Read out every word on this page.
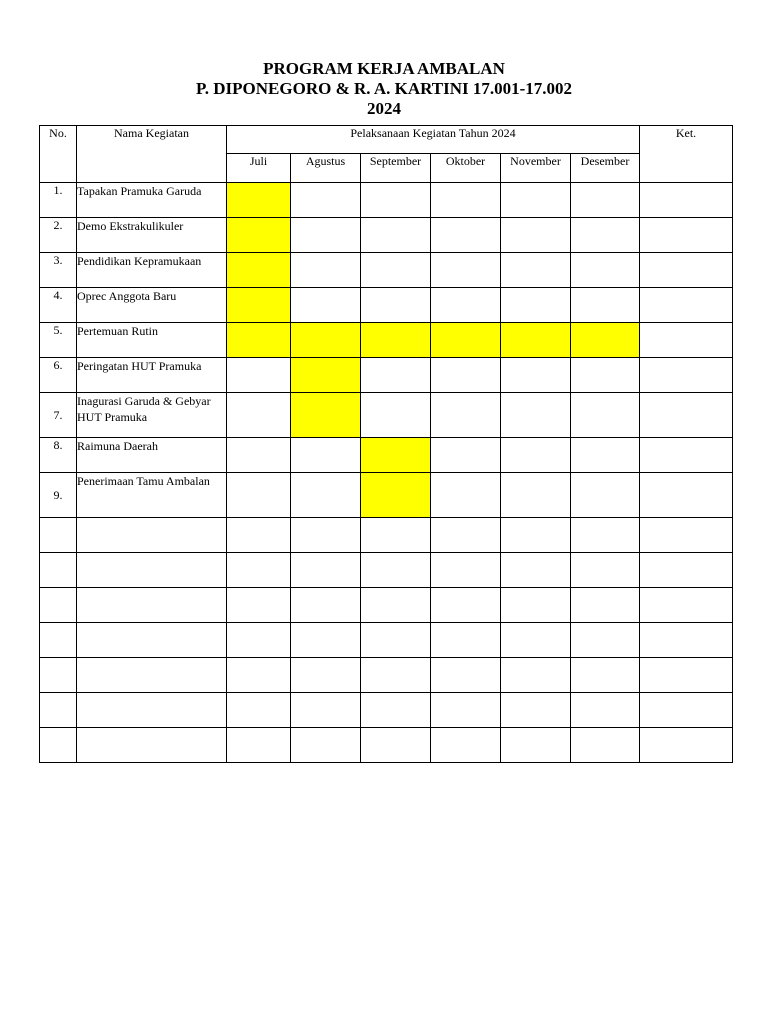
PROGRAM KERJA AMBALAN
P. DIPONEGORO & R. A. KARTINI 17.001-17.002
2024
No.	Nama Kegiatan	Pelaksanaan Kegiatan Tahun 2024						Ket.
		Juli	Agustus	September	Oktober	November	Desember	
1.	Tapakan Pramuka Garuda							
2.	Demo Ekstrakulikuler							
3.	Pendidikan Kepramukaan							
4.	Oprec Anggota Baru							
5.	Pertemuan Rutin							
6.	Peringatan HUT Pramuka							
7.	Inagurasi Garuda & Gebyar HUT Pramuka							
8.	Raimuna Daerah							
9.	Penerimaan Tamu Ambalan							
